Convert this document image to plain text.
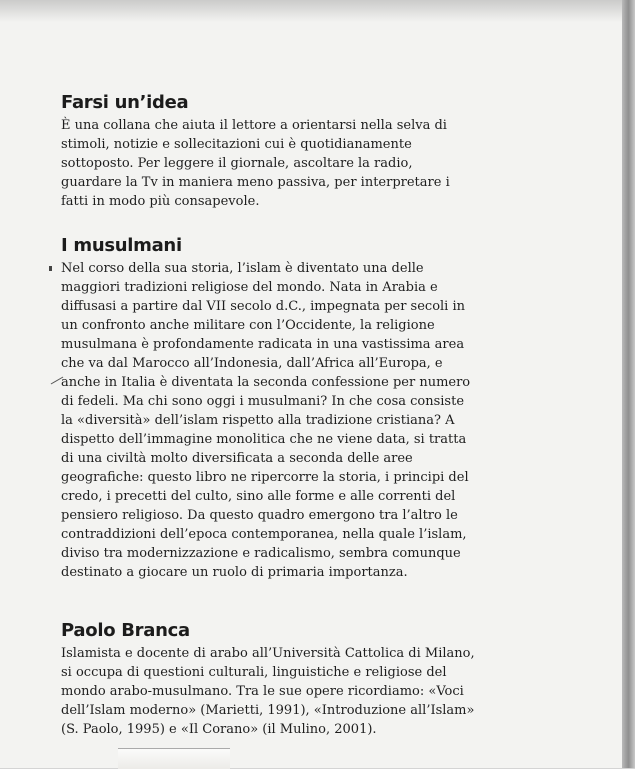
Farsi un’idea
È una collana che aiuta il lettore a orientarsi nella selva di
stimoli, notizie e sollecitazioni cui è quotidianamente
sottoposto. Per leggere il giornale, ascoltare la radio,
guardare la Tv in maniera meno passiva, per interpretare i
fatti in modo più consapevole.
I musulmani
Nel corso della sua storia, l’islam è diventato una delle
maggiori tradizioni religiose del mondo. Nata in Arabia e
diffusasi a partire dal VII secolo d.C., impegnata per secoli in
un confronto anche militare con l’Occidente, la religione
musulmana è profondamente radicata in una vastissima area
che va dal Marocco all’Indonesia, dall’Africa all’Europa, e
anche in Italia è diventata la seconda confessione per numero
di fedeli. Ma chi sono oggi i musulmani? In che cosa consiste
la «diversità» dell’islam rispetto alla tradizione cristiana? A
dispetto dell’immagine monolitica che ne viene data, si tratta
di una civiltà molto diversificata a seconda delle aree
geografiche: questo libro ne ripercorre la storia, i principi del
credo, i precetti del culto, sino alle forme e alle correnti del
pensiero religioso. Da questo quadro emergono tra l’altro le
contraddizioni dell’epoca contemporanea, nella quale l’islam,
diviso tra modernizzazione e radicalismo, sembra comunque
destinato a giocare un ruolo di primaria importanza.
Paolo Branca
Islamista e docente di arabo all’Università Cattolica di Milano,
si occupa di questioni culturali, linguistiche e religiose del
mondo arabo-musulmano. Tra le sue opere ricordiamo: «Voci
dell’Islam moderno» (Marietti, 1991), «Introduzione all’Islam»
(S. Paolo, 1995) e «Il Corano» (il Mulino, 2001).
